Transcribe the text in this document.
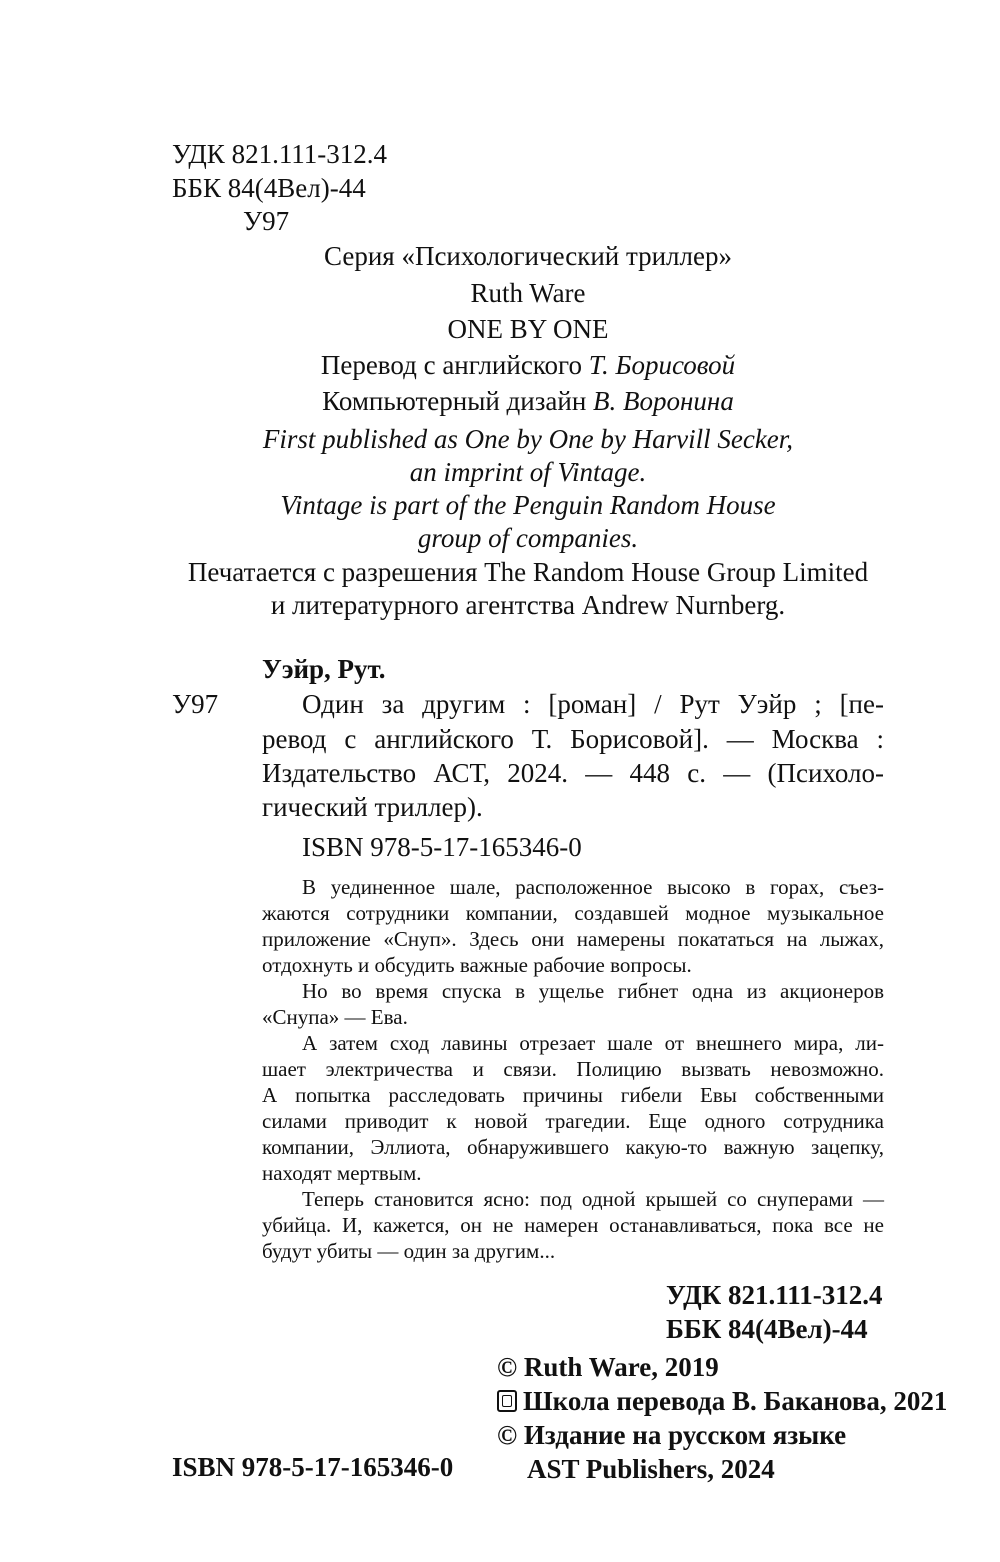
УДК 821.111-312.4
ББК 84(4Вел)-44
У97
Серия «Психологический триллер»
Ruth Ware
ONE BY ONE
Перевод с английского Т. Борисовой
Компьютерный дизайн В. Воронина
First published as One by One by Harvill Secker,
an imprint of Vintage.
Vintage is part of the Penguin Random House
group of companies.
Печатается с разрешения The Random House Group Limited
и литературного агентства Andrew Nurnberg.
Уэйр, Рут.
У97	Один за другим : [роман] / Рут Уэйр ; [пе-
ревод с английского Т. Борисовой]. — Москва :
Издательство АСТ, 2024. — 448 с. — (Психоло-
гический триллер).
ISBN 978-5-17-165346-0
В уединенное шале, расположенное высоко в горах, съез-
жаются сотрудники компании, создавшей модное музыкальное
приложение «Снуп». Здесь они намерены покататься на лыжах,
отдохнуть и обсудить важные рабочие вопросы.
Но во время спуска в ущелье гибнет одна из акционеров
«Снупа» — Ева.
А затем сход лавины отрезает шале от внешнего мира, ли-
шает электричества и связи. Полицию вызвать невозможно.
А попытка расследовать причины гибели Евы собственными
силами приводит к новой трагедии. Еще одного сотрудника
компании, Эллиота, обнаружившего какую-то важную зацепку,
находят мертвым.
Теперь становится ясно: под одной крышей со снуперами —
убийца. И, кажется, он не намерен останавливаться, пока все не
будут убиты — один за другим...
УДК 821.111-312.4
ББК 84(4Вел)-44
© Ruth Ware, 2019
Школа перевода В. Баканова, 2021
© Издание на русском языке
ISBN 978-5-17-165346-0	AST Publishers, 2024
